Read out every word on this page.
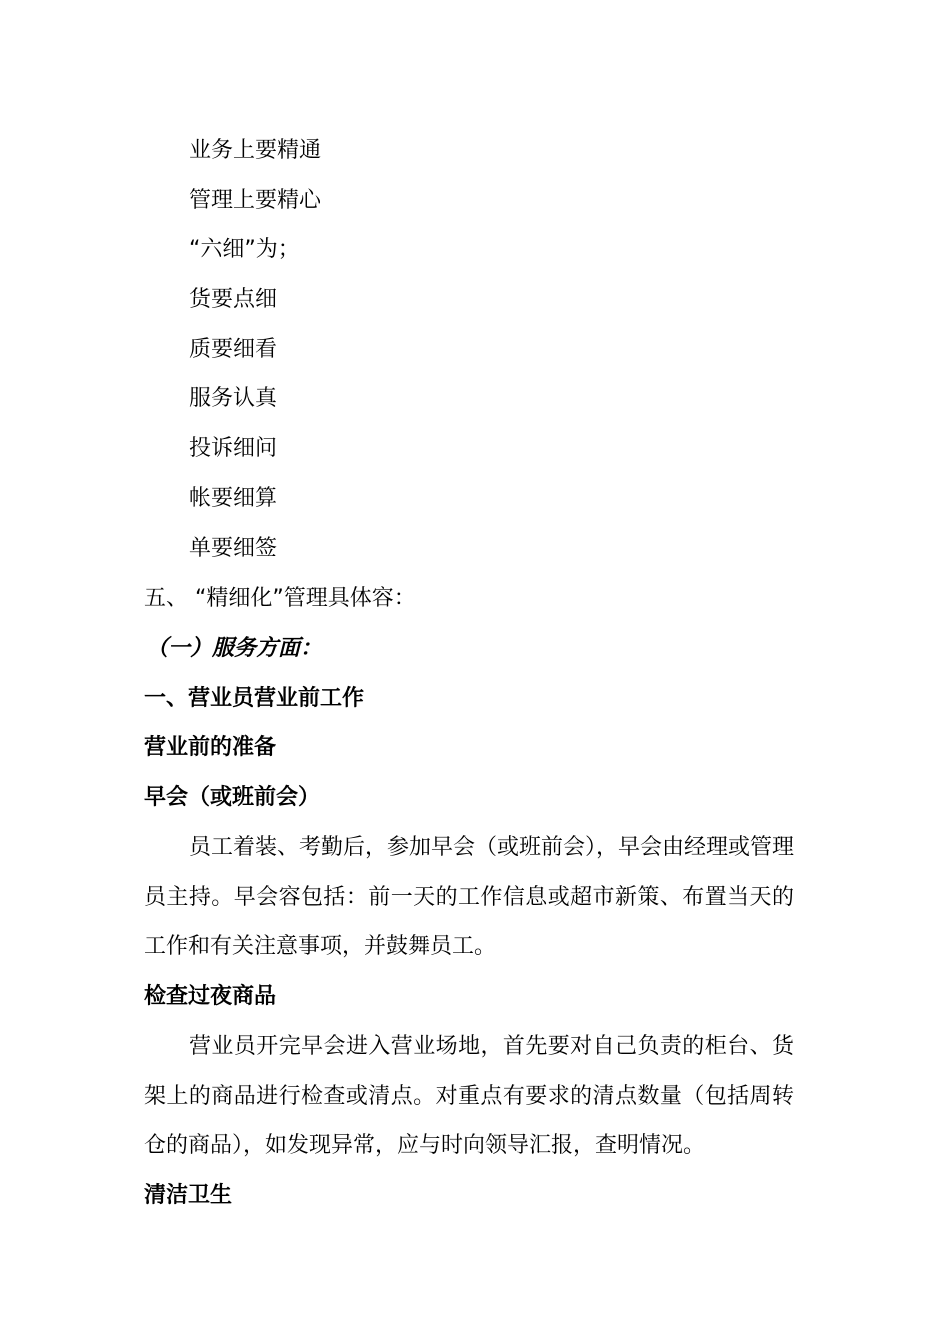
业务上要精通
管理上要精心
“六细”为；
货要点细
质要细看
服务认真
投诉细问
帐要细算
单要细签
五、 “精细化”管理具体容：
（一）服务方面：
一、营业员营业前工作
营业前的准备
早会（或班前会）
员工着装、考勤后，参加早会（或班前会），早会由经理或管理员主持。早会容包括：前一天的工作信息或超市新策、布置当天的工作和有关注意事项，并鼓舞员工。
检查过夜商品
营业员开完早会进入营业场地，首先要对自己负责的柜台、货架上的商品进行检查或清点。对重点有要求的清点数量（包括周转仓的商品），如发现异常，应与时向领导汇报，查明情况。
清洁卫生
